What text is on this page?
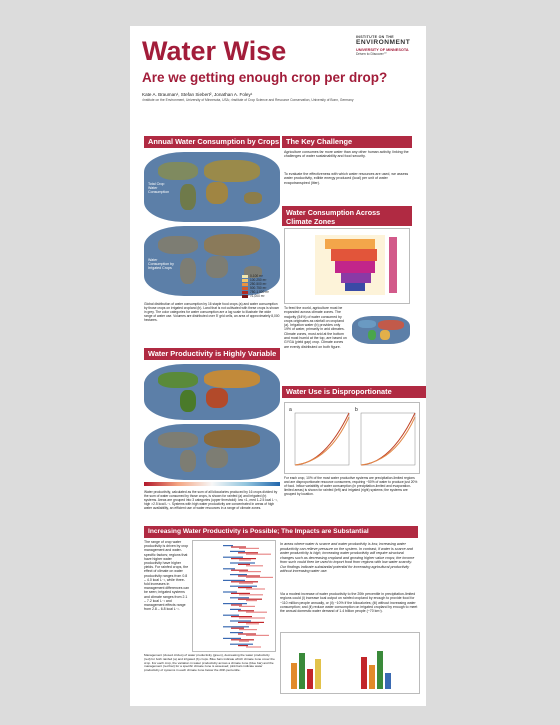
Water Wise
Are we getting enough crop per drop?
Kate A. Brauman¹, Stefan Siebert², Jonathan A. Foley¹
¹Institute on the Environment, University of Minnesota, USA; ²Institute of Crop Science and Resource Conservation, University of Bonn, Germany
INSTITUTE ON THE
ENVIRONMENT
UNIVERSITY OF MINNESOTA
Driven to Discover℠
Annual Water Consumption by Crops
a
Total Crop Water Consumption
b
Water Consumption by Irrigated Crops
0-100 m³
100-250 m³
250-500 m³
500-750 m³
750-1,000 m³
>1,000 m³
Global distribution of water consumption by 16 staple food crops (a) and water consumption by those crops on irrigated cropland (b). Land that is not cultivated with these crops is shown in grey. The color categories for water consumption are a log scale to illustrate the wide range of water use. Volumes are distributed over 5' grid cells, an area of approximately 8,000 hectares.
The Key Challenge
Agriculture consumes far more water than any other human activity, linking the challenges of water sustainability and food security.
To evaluate the effectiveness with which water resources are used, we assess water productivity, edible energy produced (kcal) per unit of water evapotranspired (liter).
Water Consumption Across Climate Zones
To feed the world, agriculture must be expanded across climate zones. The majority (54%) of water consumed by crops originates as rainfall on cropland (a). Irrigation water (b) provides only 19% of water, primarily in arid climates. Climate zones, most arid at the bottom and most humid at the top, are based on GYGA (yield gap) crop. Climate zones are evenly distributed on both figure.
Water Productivity is Highly Variable
Water productivity, calculated as the sum of all kilocalories produced by 16 crops divided by the sum of water consumed by those crops, is shown for rainfed (a) and irrigated (b) systems. Areas are grouped into 3 categories (upper threshold): low <1, med 1-2.5 kcal L⁻¹, high >2.5 kcal L⁻¹. Systems with high water productivity are concentrated in areas of high water availability, an efficient use of water resources in a range of climate zones.
Water Use is Disproportionate
a	b
For each crop, 10% of the most water productive systems are precipitation-limited regions and are disproportionate resource consumers, requiring ~50% of water to produce just 20% of food. Inflow variability of water consumption (in precipitation-limited and evaporation-limited areas) is shown for rainfed (left) and irrigated (right) systems; the systems are grouped by location.
Increasing Water Productivity is Possible; The Impacts are Substantial
The range of crop water productivity is driven by crop management and water-specific factors; regions that have higher water productivity have higher yields. For rainfed crops, the effect of climate on water productivity ranges from 0.8 – 4.0 kcal L⁻¹, while three-fold increases in management differences can be seen; irrigated systems and climate ranges from 2.1 – 7.2 kcal L⁻¹ and management effects range from 2.8 – 6.8 kcal L⁻¹.
In areas where water is scarce and water productivity is low, increasing water productivity can relieve pressure on the system. In contrast, if water is scarce and water productivity is high, increasing water productivity will require structural changes such as decreasing cropland and growing higher value crops; the income from such could then be used to import food from regions with low water scarcity. Our findings indicate substantial potential for increasing agricultural productivity without increasing water use.
Via a modest increase of water productivity to the 20th percentile in precipitation-limited regions could (i) increase kcal output on rainfed cropland by enough to provide food for ~110 million people annually, or (ii) ~10% if the kilocalories; (iii) without increasing water consumption; and (ii) reduce water consumption on irrigated cropland by enough to meet the annual domestic water demand of 1.4 billion people (~70 km³).
Management (closed circles) of water productivity (green), decreasing the water productivity (red) for both rainfed (a) and irrigated (b) crops. Blue bars indicate which climate zone cover the crop. For each crop, the variation in water productivity across a climate zone (blue bar) and the management (red bar) for a specific climate zone is assessed; pink bars indicate water productivity of systems in each climate zone below the 20th percentile.
